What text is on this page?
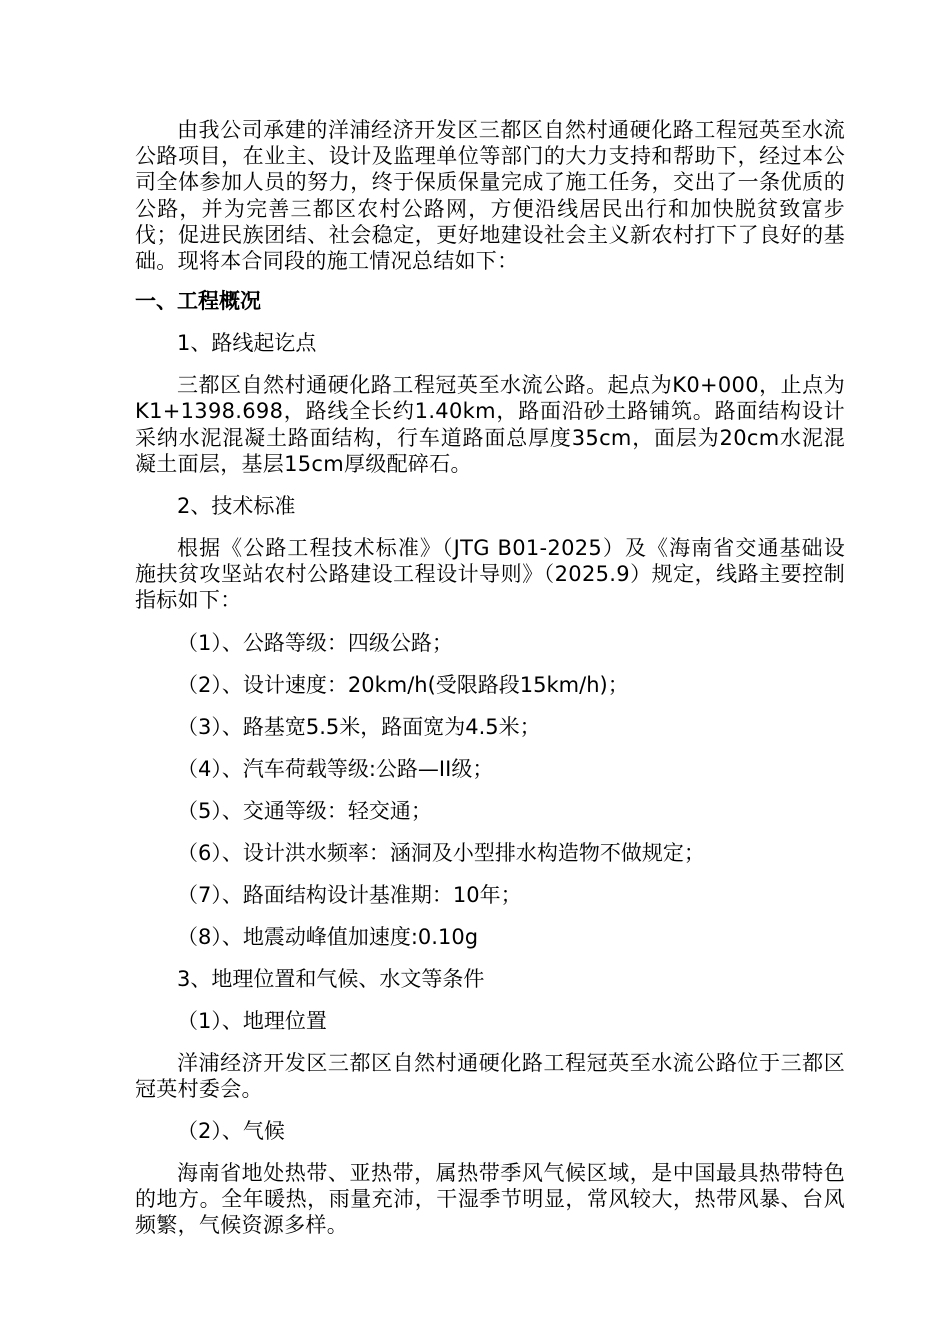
由我公司承建的洋浦经济开发区三都区自然村通硬化路工程冠英至水流公路项目，在业主、设计及监理单位等部门的大力支持和帮助下，经过本公司全体参加人员的努力，终于保质保量完成了施工任务，交出了一条优质的公路，并为完善三都区农村公路网，方便沿线居民出行和加快脱贫致富步伐；促进民族团结、社会稳定，更好地建设社会主义新农村打下了良好的基础。现将本合同段的施工情况总结如下：

一、工程概况

1、路线起讫点

三都区自然村通硬化路工程冠英至水流公路。起点为K0+000，止点为K1+1398.698，路线全长约1.40km，路面沿砂土路铺筑。路面结构设计采纳水泥混凝土路面结构，行车道路面总厚度35cm，面层为20cm水泥混凝土面层，基层15cm厚级配碎石。

2、技术标准

根据《公路工程技术标准》（JTG B01-2025）及《海南省交通基础设施扶贫攻坚站农村公路建设工程设计导则》（2025.9）规定，线路主要控制指标如下：

（1）、公路等级：四级公路；

（2）、设计速度：20km/h(受限路段15km/h)；

（3）、路基宽5.5米，路面宽为4.5米；

（4）、汽车荷载等级:公路—II级；

（5）、交通等级：轻交通；

（6）、设计洪水频率：涵洞及小型排水构造物不做规定；

（7）、路面结构设计基准期：10年；

（8）、地震动峰值加速度:0.10g

3、地理位置和气候、水文等条件

（1）、地理位置

洋浦经济开发区三都区自然村通硬化路工程冠英至水流公路位于三都区冠英村委会。

（2）、气候

海南省地处热带、亚热带，属热带季风气候区域，是中国最具热带特色的地方。全年暖热，雨量充沛，干湿季节明显，常风较大，热带风暴、台风频繁，气候资源多样。
